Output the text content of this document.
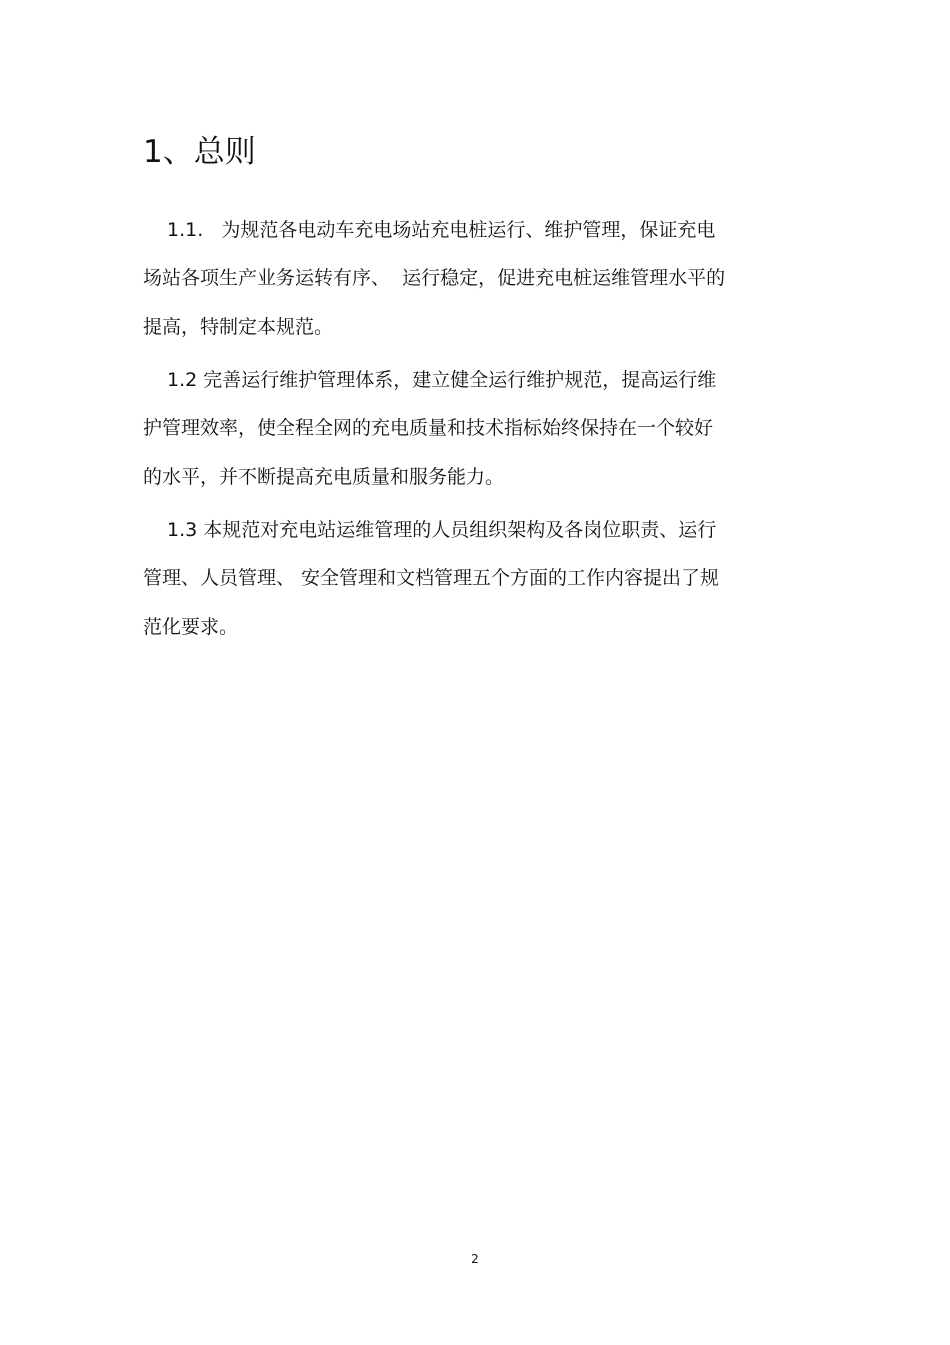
1、总则
1.1.   为规范各电动车充电场站充电桩运行、维护管理，保证充电
场站各项生产业务运转有序、  运行稳定，促进充电桩运维管理水平的
提高，特制定本规范。
1.2 完善运行维护管理体系，建立健全运行维护规范，提高运行维
护管理效率，使全程全网的充电质量和技术指标始终保持在一个较好
的水平，并不断提高充电质量和服务能力。
1.3 本规范对充电站运维管理的人员组织架构及各岗位职责、运行
管理、人员管理、 安全管理和文档管理五个方面的工作内容提出了规
范化要求。
2
